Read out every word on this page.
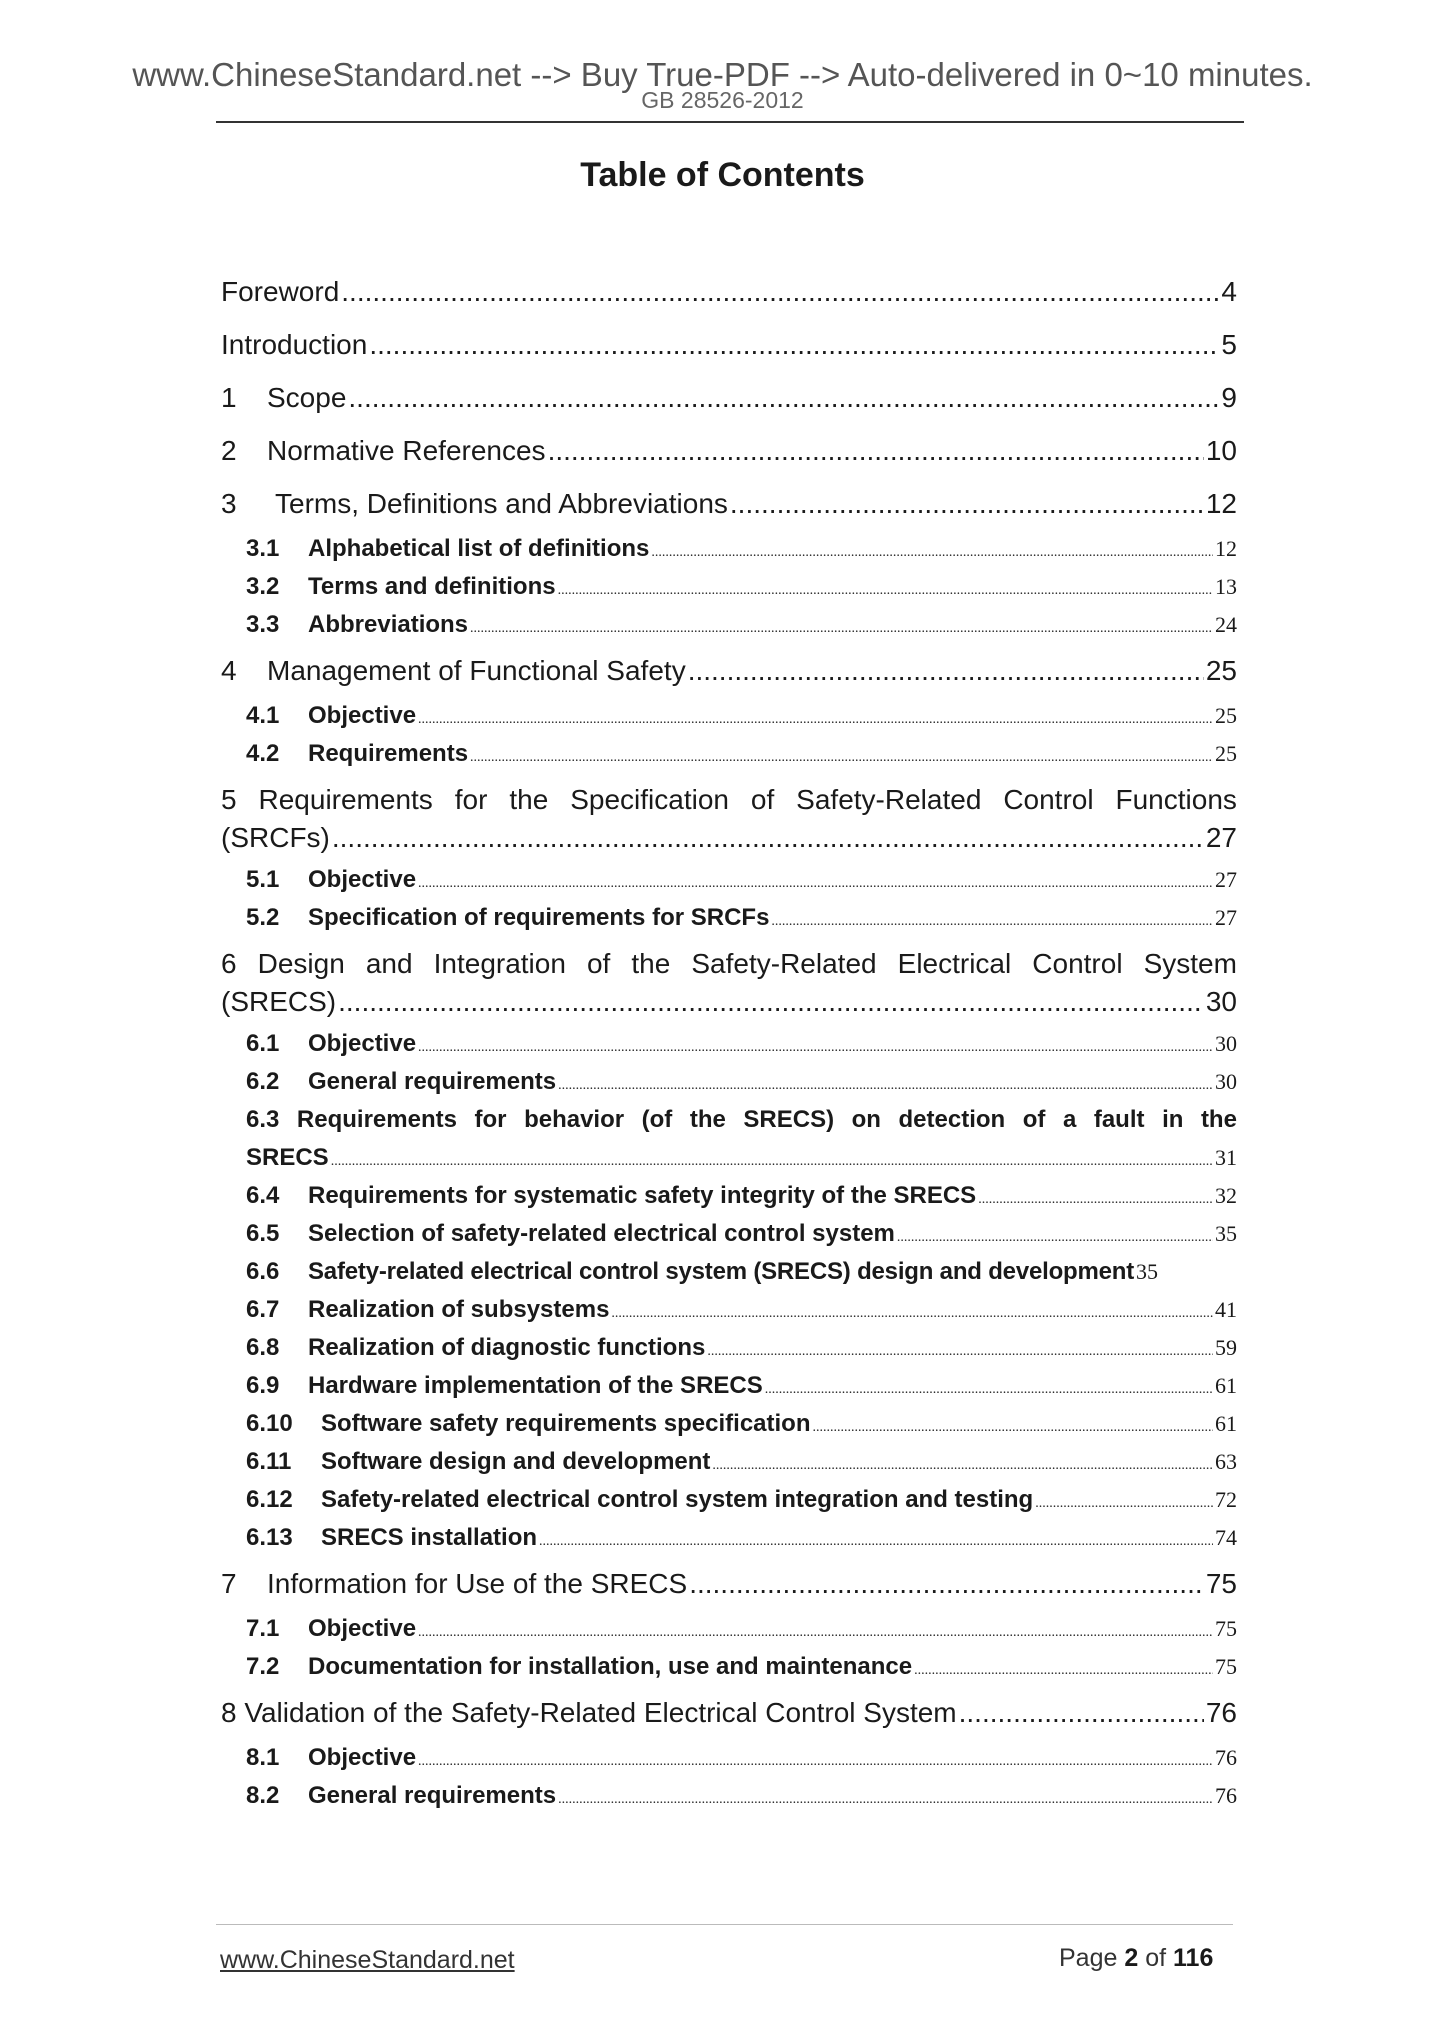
www.ChineseStandard.net --> Buy True-PDF --> Auto-delivered in 0~10 minutes.
GB 28526-2012
Table of Contents
Foreword .....	4
Introduction .....	5
1	Scope .....	9
2	Normative References .....	10
3	Terms, Definitions and Abbreviations .....	12
3.1	Alphabetical list of definitions .....	12
3.2	Terms and definitions .....	13
3.3	Abbreviations .....	24
4	Management of Functional Safety .....	25
4.1	Objective .....	25
4.2	Requirements .....	25
5 Requirements for the Specification of Safety-Related Control Functions
(SRCFs) .....	27
5.1	Objective .....	27
5.2	Specification of requirements for SRCFs .....	27
6 Design and Integration of the Safety-Related Electrical Control System
(SRECS) .....	30
6.1	Objective .....	30
6.2	General requirements .....	30
6.3 Requirements for behavior (of the SRECS) on detection of a fault in the
SRECS .....	31
6.4	Requirements for systematic safety integrity of the SRECS .....	32
6.5	Selection of safety-related electrical control system .....	35
6.6	Safety-related electrical control system (SRECS) design and development 35
6.7	Realization of subsystems .....	41
6.8	Realization of diagnostic functions .....	59
6.9	Hardware implementation of the SRECS .....	61
6.10	Software safety requirements specification .....	61
6.11	Software design and development .....	63
6.12	Safety-related electrical control system integration and testing .....	72
6.13	SRECS installation .....	74
7	Information for Use of the SRECS .....	75
7.1	Objective .....	75
7.2	Documentation for installation, use and maintenance .....	75
8 Validation of the Safety-Related Electrical Control System .....	76
8.1	Objective .....	76
8.2	General requirements .....	76
www.ChineseStandard.net	Page 2 of 116
